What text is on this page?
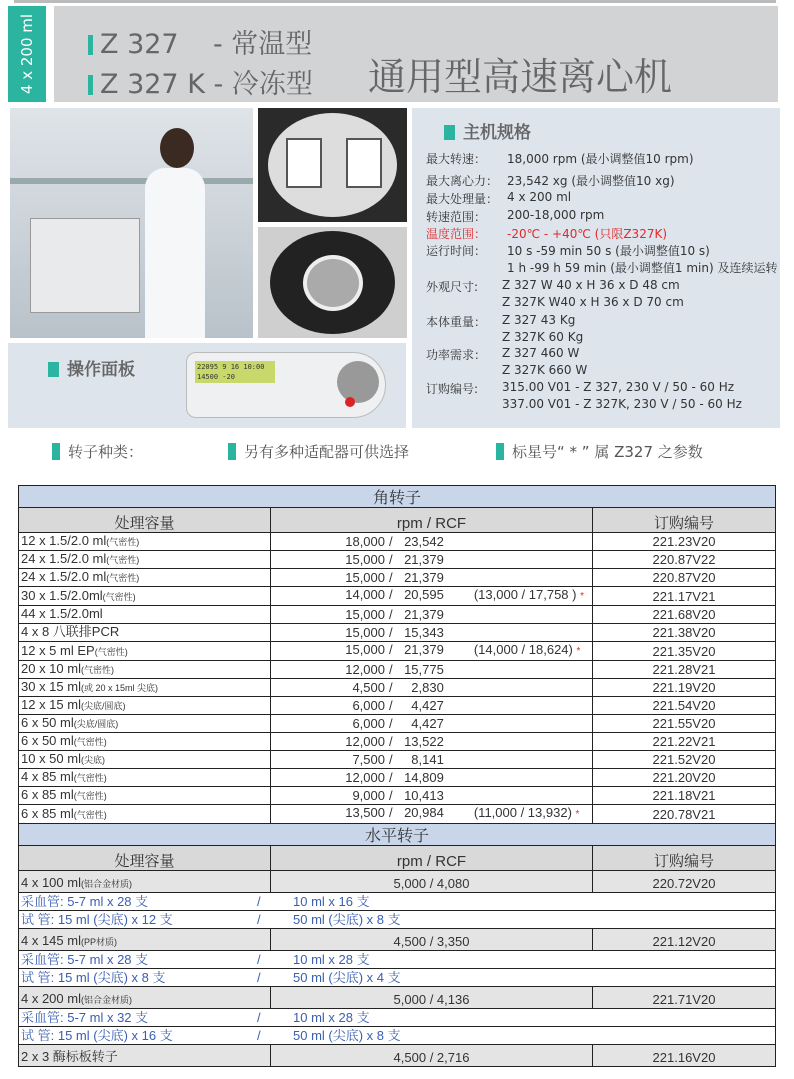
4 x 200 ml	Z 327 - 常温型
Z 327 K - 冷冻型 通用型高速离心机
操作面板	22095 9 16 10:00
14500 -20
主机规格
最大转速： 18,000 rpm (最小调整值10 rpm)
最大离心力： 23,542 xg (最小调整值10 xg)
最大处理量： 4 x 200 ml
转速范围： 200-18,000 rpm
温度范围： -20℃ - +40℃ (只限Z327K)
运行时间： 10 s -59 min 50 s (最小调整值10 s)
1 h -99 h 59 min (最小调整值1 min) 及连续运转
外观尺寸: Z 327 W 40 x H 36 x D 48 cm
Z 327K W40 x H 36 x D 70 cm
本体重量： Z 327 43 Kg
Z 327K 60 Kg
功率需求： Z 327 460 W
Z 327K 660 W
订购编号: 315.00 V01 - Z 327, 230 V / 50 - 60 Hz
337.00 V01 - Z 327K, 230 V / 50 - 60 Hz
转子种类：	另有多种适配器可供选择	标星号“ * ” 属 Z327 之参数
角转子		
处理容量	rpm / RCF	订购编号
12 x 1.5/2.0 ml(气密性)	18,000 /  23,542	221.23V20
24 x 1.5/2.0 ml(气密性)	15,000 /  21,379	220.87V22
24 x 1.5/2.0 ml(气密性)	15,000 /  21,379	220.87V20
30 x 1.5/2.0ml(气密性)	14,000 /  20,595 (13,000 / 17,758 ) *	221.17V21
44 x 1.5/2.0ml	15,000 /  21,379	221.68V20
4 x 8 八联排PCR	15,000 /  15,343	221.38V20
12 x 5 ml EP(气密性)	15,000 /  21,379 (14,000 / 18,624) *	221.35V20
20 x 10 ml(气密性)	12,000 /  15,775	221.28V21
30 x 15 ml(或 20 x 15ml 尖底)	4,500 /  2,830	221.19V20
12 x 15 ml(尖底/圆底)	6,000 /  4,427	221.54V20
6 x 50 ml(尖底/圆底)	6,000 /  4,427	221.55V20
6 x 50 ml(气密性)	12,000 /  13,522	221.22V21
10 x 50 ml(尖底)	7,500 /  8,141	221.52V20
4 x 85 ml(气密性)	12,000 /  14,809	221.20V20
6 x 85 ml(气密性)	9,000 /  10,413	221.18V21
6 x 85 ml(气密性)	13,500 /  20,984 (11,000 / 13,932) *	220.78V21
水平转子		
处理容量	rpm / RCF	订购编号
4 x 100 ml(铝合金材质)	5,000 / 4,080	220.72V20
采血管: 5-7 ml x 28 支 / 10 ml x 16 支		
试 管: 15 ml (尖底) x 12 支 / 50 ml (尖底) x 8 支		
4 x 145 ml(PP材质)	4,500 / 3,350	221.12V20
采血管: 5-7 ml x 28 支 / 10 ml x 28 支		
试 管: 15 ml (尖底) x 8 支 / 50 ml (尖底) x 4 支		
4 x 200 ml(铝合金材质)	5,000 / 4,136	221.71V20
采血管: 5-7 ml x 32 支 / 10 ml x 28 支		
试 管: 15 ml (尖底) x 16 支 / 50 ml (尖底) x 8 支		
2 x 3 酶标板转子	4,500 / 2,716	221.16V20
